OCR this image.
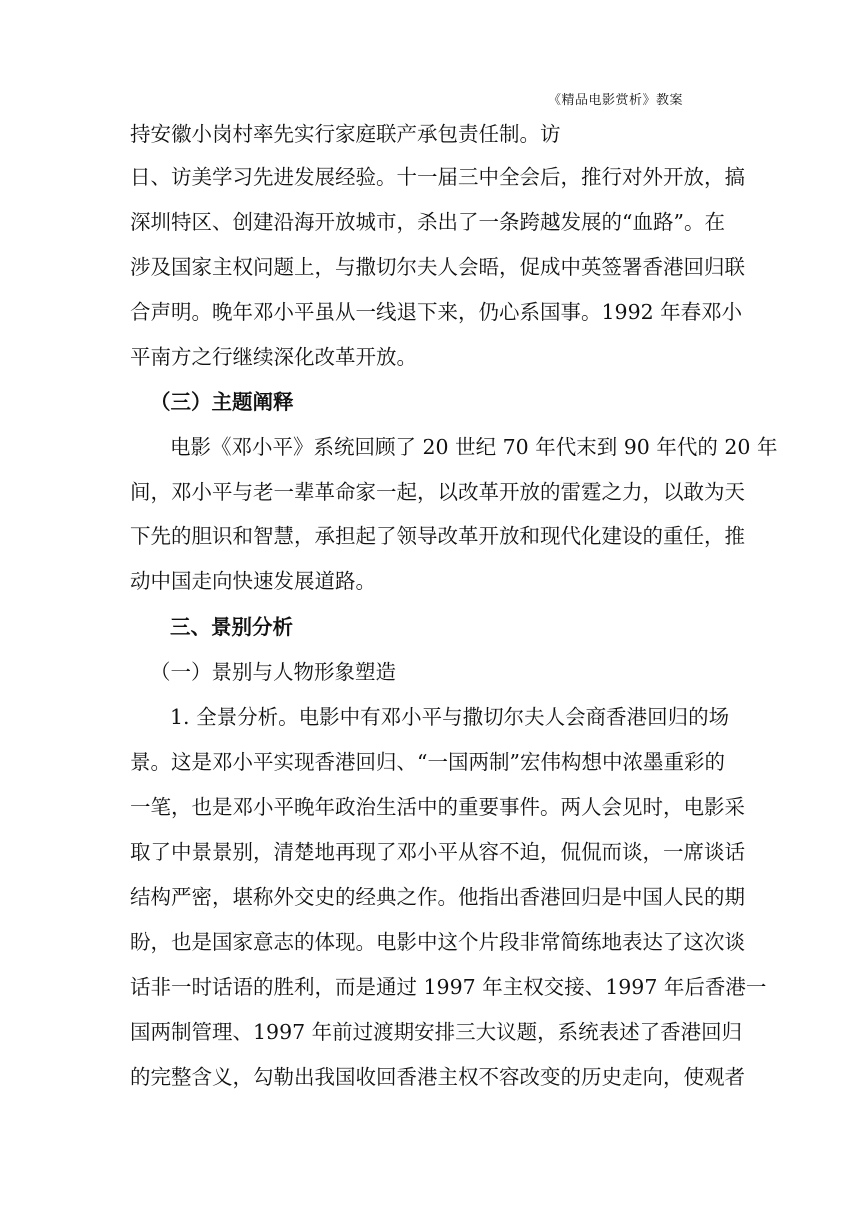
《精品电影赏析》教案
持安徽小岗村率先实行家庭联产承包责任制。访
日、访美学习先进发展经验。十一届三中全会后，推行对外开放，搞
深圳特区、创建沿海开放城市，杀出了一条跨越发展的“血路”。在
涉及国家主权问题上，与撒切尔夫人会晤，促成中英签署香港回归联
合声明。晚年邓小平虽从一线退下来，仍心系国事。1992 年春邓小
平南方之行继续深化改革开放。
（三）主题阐释
电影《邓小平》系统回顾了 20 世纪 70 年代末到 90 年代的 20 年
间，邓小平与老一辈革命家一起，以改革开放的雷霆之力，以敢为天
下先的胆识和智慧，承担起了领导改革开放和现代化建设的重任，推
动中国走向快速发展道路。
三、景别分析
（一）景别与人物形象塑造
1. 全景分析。电影中有邓小平与撒切尔夫人会商香港回归的场
景。这是邓小平实现香港回归、“一国两制”宏伟构想中浓墨重彩的
一笔，也是邓小平晚年政治生活中的重要事件。两人会见时，电影采
取了中景景别，清楚地再现了邓小平从容不迫，侃侃而谈，一席谈话
结构严密，堪称外交史的经典之作。他指出香港回归是中国人民的期
盼，也是国家意志的体现。电影中这个片段非常简练地表达了这次谈
话非一时话语的胜利，而是通过 1997 年主权交接、1997 年后香港一
国两制管理、1997 年前过渡期安排三大议题，系统表述了香港回归
的完整含义，勾勒出我国收回香港主权不容改变的历史走向，使观者
